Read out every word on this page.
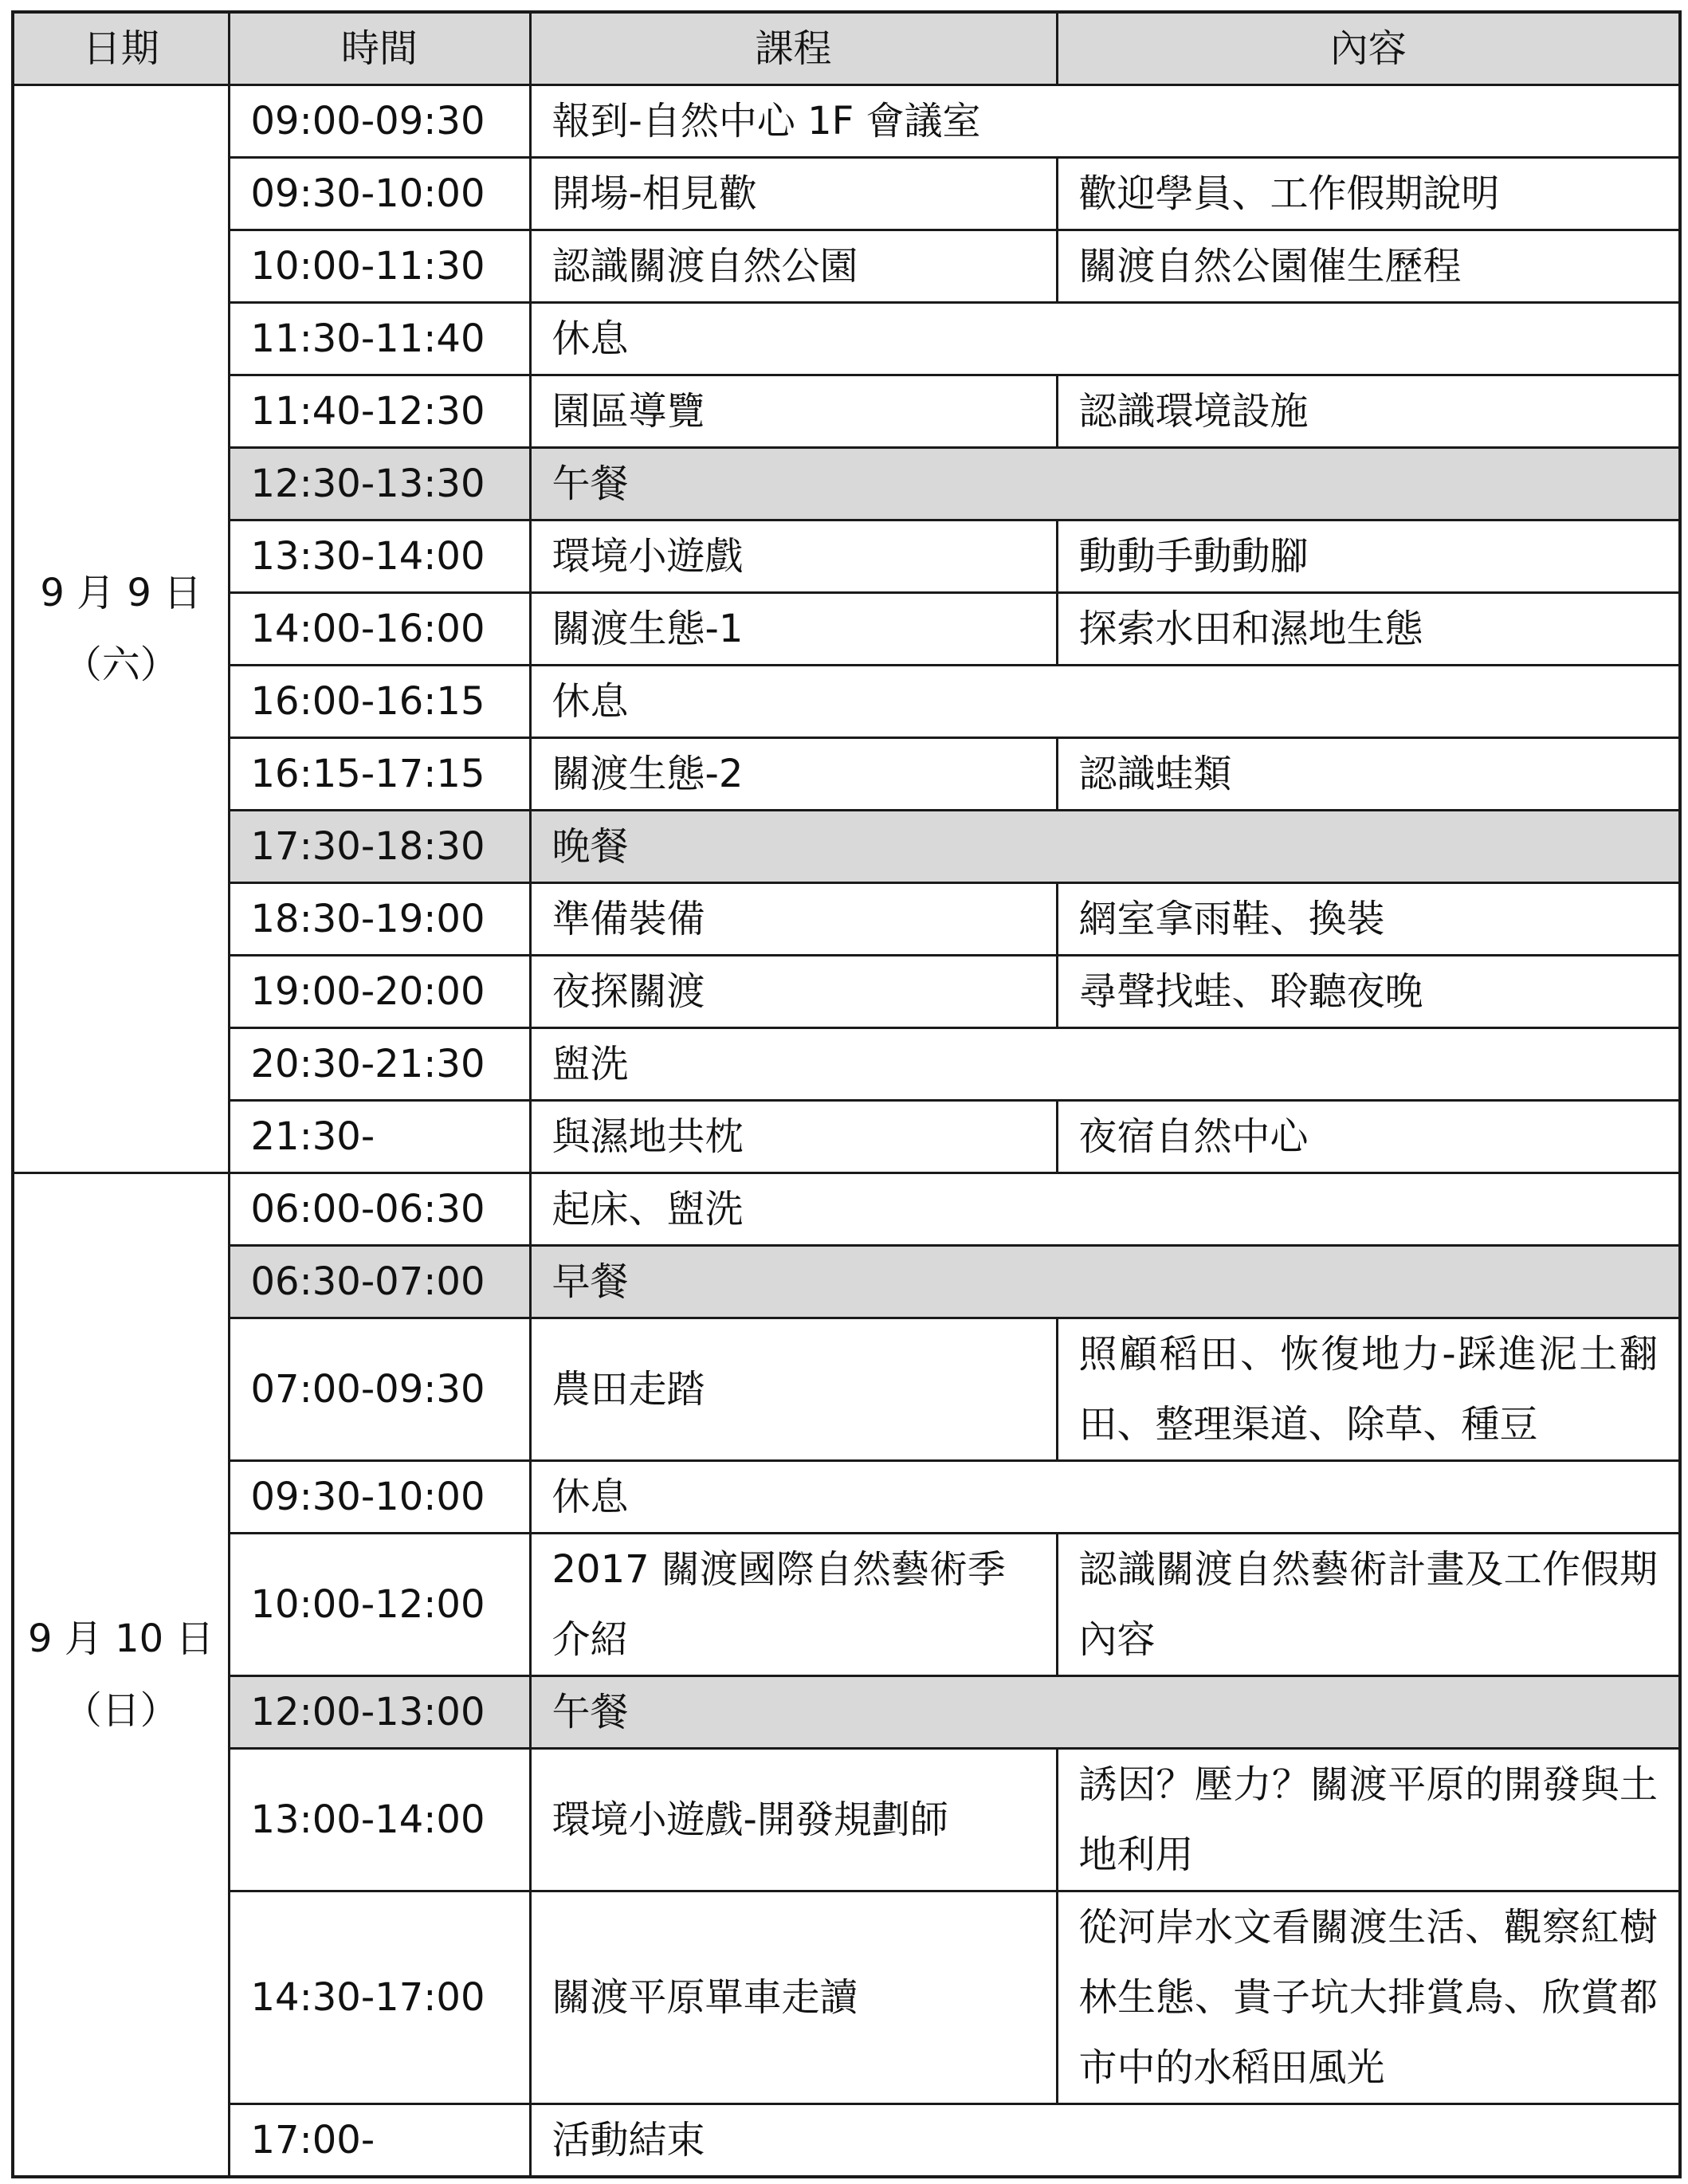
日期	時間	課程	內容

9 月 9 日
（六）	09:00-09:30	報到-自然中心 1F 會議室	
	09:30-10:00	開場-相見歡	歡迎學員、工作假期說明
	10:00-11:30	認識關渡自然公園	關渡自然公園催生歷程
	11:30-11:40	休息	
	11:40-12:30	園區導覽	認識環境設施
	12:30-13:30	午餐	
	13:30-14:00	環境小遊戲	動動手動動腳
	14:00-16:00	關渡生態-1	探索水田和濕地生態
	16:00-16:15	休息	
	16:15-17:15	關渡生態-2	認識蛙類
	17:30-18:30	晚餐	
	18:30-19:00	準備裝備	網室拿雨鞋、換裝
	19:00-20:00	夜探關渡	尋聲找蛙、聆聽夜晚
	20:30-21:30	盥洗	
	21:30-	與濕地共枕	夜宿自然中心

9 月 10 日
（日）	06:00-06:30	起床、盥洗	
	06:30-07:00	早餐	
	07:00-09:30	農田走踏	照顧稻田、恢復地力-踩進泥土翻田、整理渠道、除草、種豆
	09:30-10:00	休息	
	10:00-12:00	2017 關渡國際自然藝術季介紹	認識關渡自然藝術計畫及工作假期內容
	12:00-13:00	午餐	
	13:00-14:00	環境小遊戲-開發規劃師	誘因？壓力？關渡平原的開發與土地利用
	14:30-17:00	關渡平原單車走讀	從河岸水文看關渡生活、觀察紅樹林生態、貴子坑大排賞鳥、欣賞都市中的水稻田風光
	17:00-	活動結束	
